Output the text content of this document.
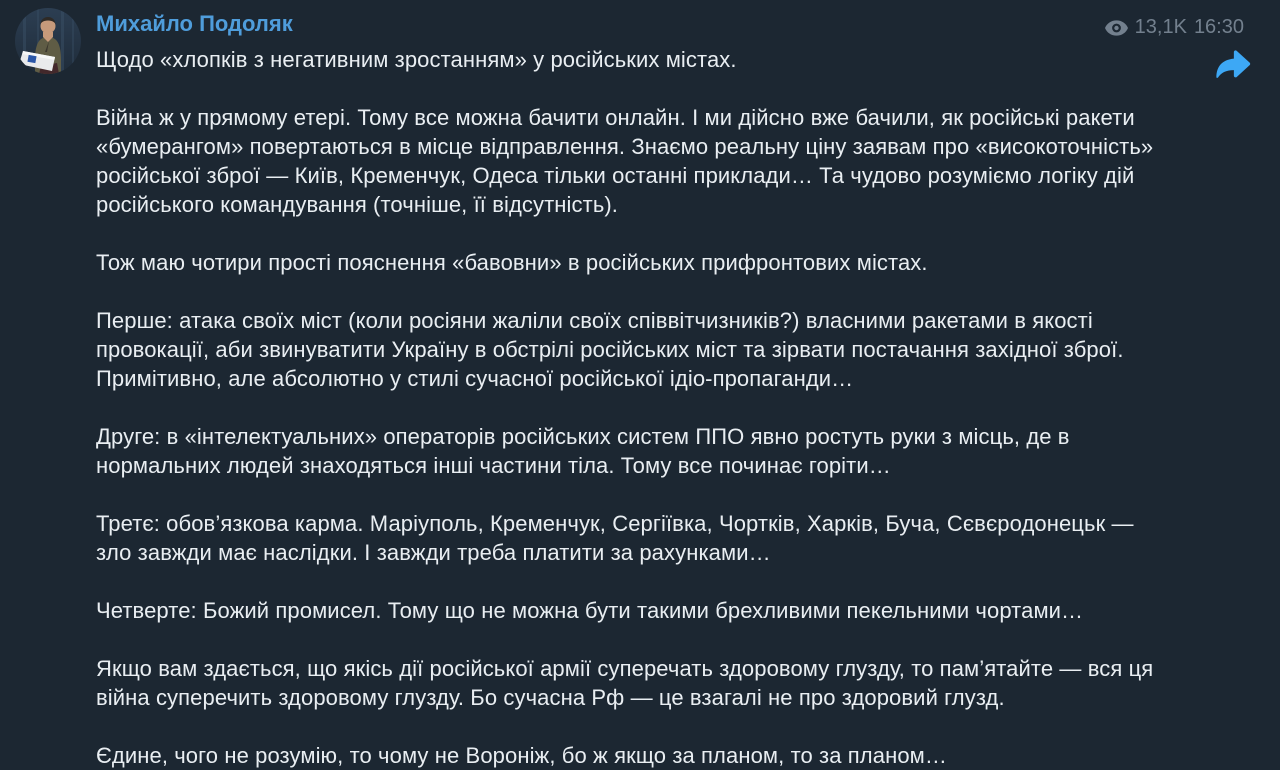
Михайло Подоляк

Щодо «хлопків з негативним зростанням» у російських містах.

Війна ж у прямому етері. Тому все можна бачити онлайн. І ми дійсно вже бачили, як російські ракети «бумерангом» повертаються в місце відправлення. Знаємо реальну ціну заявам про «високоточність» російської зброї — Київ, Кременчук, Одеса тільки останні приклади… Та чудово розуміємо логіку дій російського командування (точніше, її відсутність).

Тож маю чотири прості пояснення «бавовни» в російських прифронтових містах.

Перше: атака своїх міст (коли росіяни жаліли своїх співвітчизників?) власними ракетами в якості провокації, аби звинуватити Україну в обстрілі російських міст та зірвати постачання західної зброї. Примітивно, але абсолютно у стилі сучасної російської ідіо-пропаганди…

Друге: в «інтелектуальних» операторів російських систем ППО явно ростуть руки з місць, де в нормальних людей знаходяться інші частини тіла. Тому все починає горіти…

Третє: обов’язкова карма. Маріуполь, Кременчук, Сергіївка, Чортків, Харків, Буча, Сєвєродонецьк — зло завжди має наслідки. І завжди треба платити за рахунками…

Четверте: Божий промисел. Тому що не можна бути такими брехливими пекельними чортами…

Якщо вам здається, що якісь дії російської армії суперечать здоровому глузду, то пам’ятайте — вся ця війна суперечить здоровому глузду. Бо сучасна Рф — це взагалі не про здоровий глузд.

Єдине, чого не розумію, то чому не Вороніж, бо ж якщо за планом, то за планом…

13,1K 16:30
